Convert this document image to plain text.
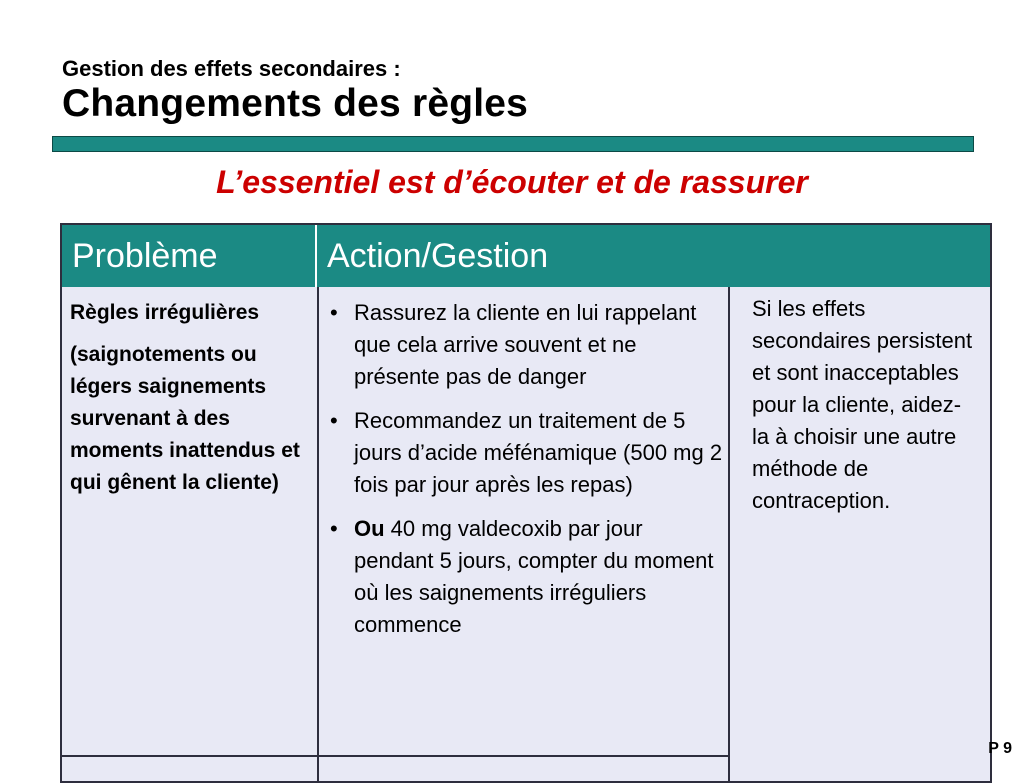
Gestion des effets secondaires :
Changements des règles
L’essentiel est d’écouter et de rassurer
Problème	Action/Gestion

Règles irrégulières

(saignotements ou légers saignements survenant à des moments inattendus et qui gênent la cliente)

• Rassurez la cliente en lui rappelant que cela arrive souvent et ne présente pas de danger
• Recommandez un traitement de 5 jours d’acide méfénamique (500 mg 2 fois par jour après les repas)
• Ou 40 mg valdecoxib par jour pendant 5 jours, compter du moment où les saignements irréguliers commence
Si les effets secondaires persistent et sont inacceptables pour la cliente, aidez-la à choisir une autre méthode de contraception.
P 9
